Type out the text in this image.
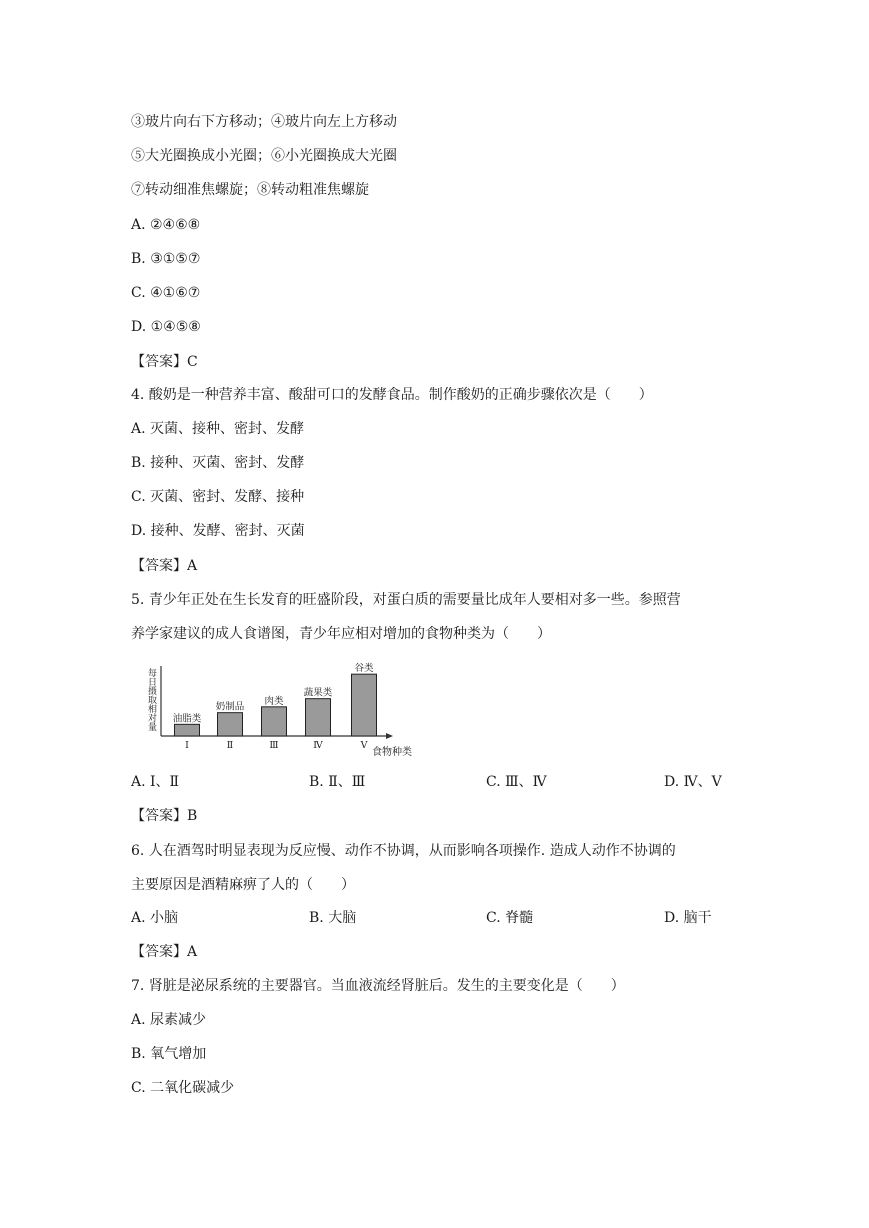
③玻片向右下方移动；④玻片向左上方移动
⑤大光圈换成小光圈；⑥小光圈换成大光圈
⑦转动细准焦螺旋；⑧转动粗准焦螺旋
A. ②④⑥⑧
B. ③①⑤⑦
C. ④①⑥⑦
D. ①④⑤⑧
【答案】C
4. 酸奶是一种营养丰富、酸甜可口的发酵食品。制作酸奶的正确步骤依次是（　　）
A. 灭菌、接种、密封、发酵
B. 接种、灭菌、密封、发酵
C. 灭菌、密封、发酵、接种
D. 接种、发酵、密封、灭菌
【答案】A
5. 青少年正处在生长发育的旺盛阶段，对蛋白质的需要量比成年人要相对多一些。参照营
养学家建议的成人食谱图，青少年应相对增加的食物种类为（　　）
每日摄取相对量
食物种类
油脂类
Ⅰ
奶制品
Ⅱ
肉类
Ⅲ
蔬果类
Ⅳ
谷类
Ⅴ
A. Ⅰ、Ⅱ	B. Ⅱ、Ⅲ	C. Ⅲ、Ⅳ	D. Ⅳ、Ⅴ
【答案】B
6. 人在酒驾时明显表现为反应慢、动作不协调，从而影响各项操作. 造成人动作不协调的
主要原因是酒精麻痹了人的（　　）
A. 小脑	B. 大脑	C. 脊髓	D. 脑干
【答案】A
7. 肾脏是泌尿系统的主要器官。当血液流经肾脏后。发生的主要变化是（　　）
A. 尿素减少
B. 氧气增加
C. 二氧化碳减少
